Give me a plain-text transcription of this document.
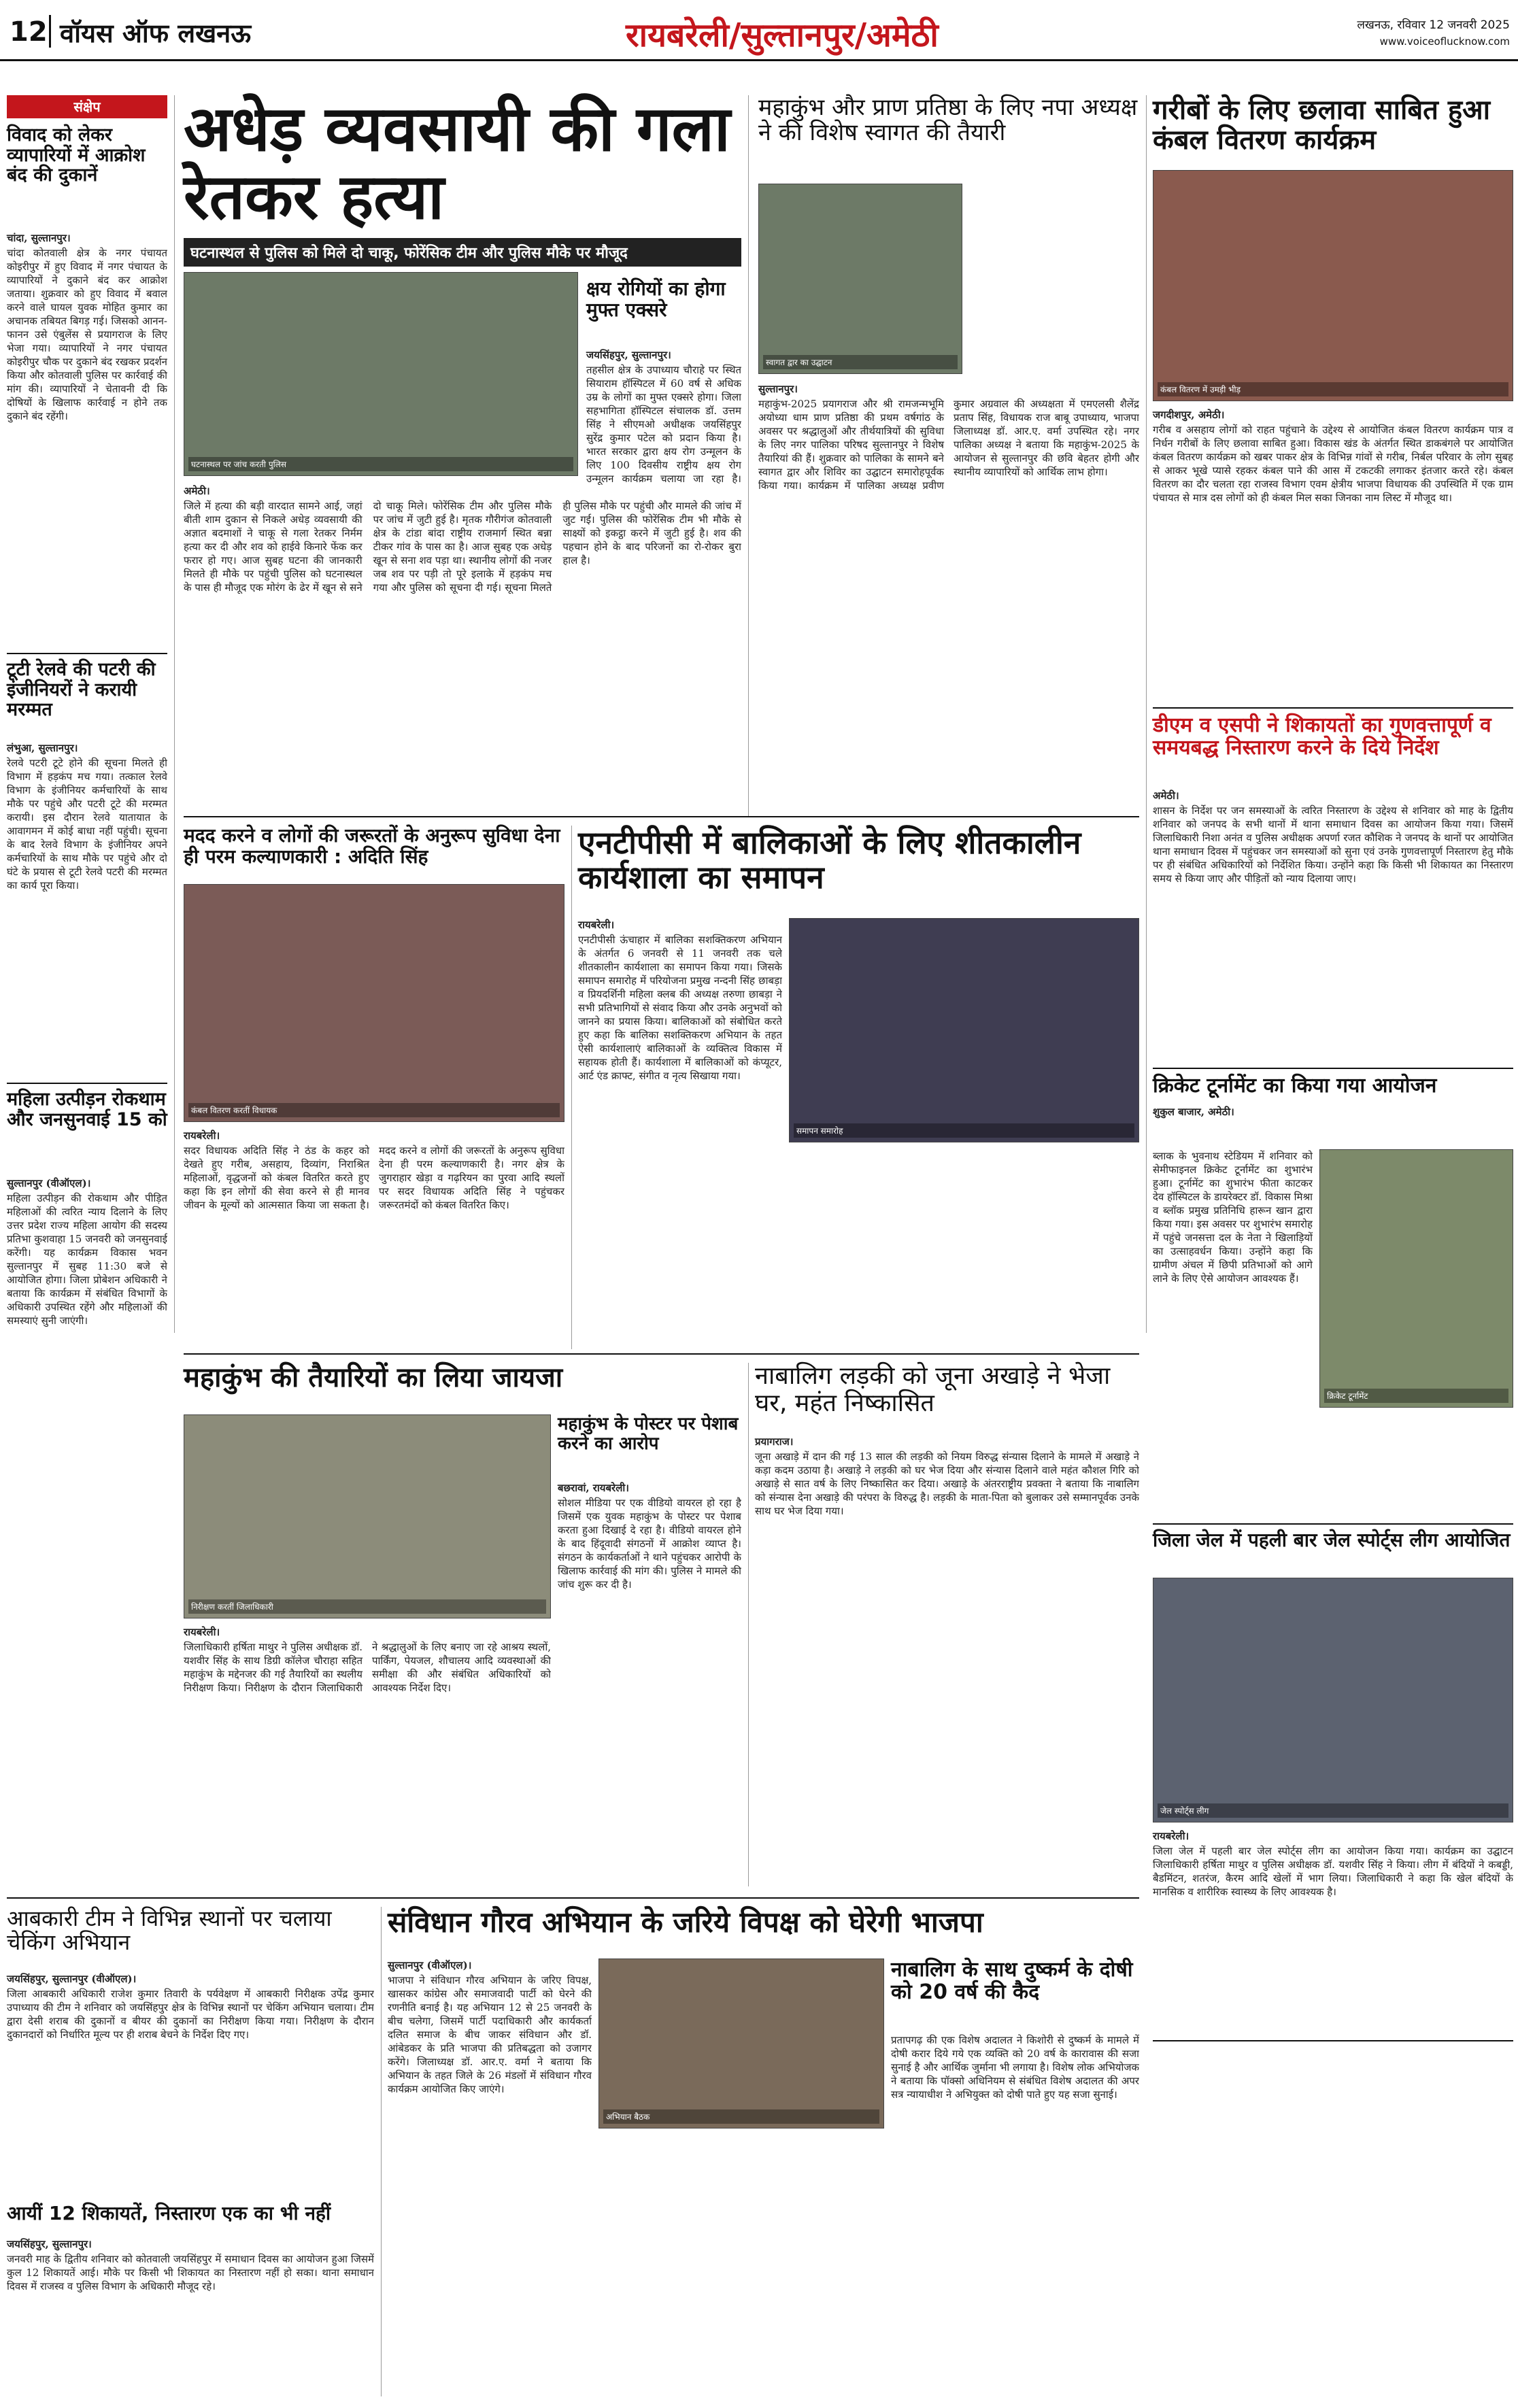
12 वॉयस ऑफ लखनऊ	रायबरेली/सुल्तानपुर/अमेठी	लखनऊ, रविवार 12 जनवरी 2025
www.voiceoflucknow.com
संक्षेप
विवाद को लेकर व्यापारियों में आक्रोश बंद की दुकानें
चांदा, सुल्तानपुर।
चांदा कोतवाली क्षेत्र के नगर पंचायत कोइरीपुर में हुए विवाद में नगर पंचायत के व्यापारियों ने दुकाने बंद कर आक्रोश जताया। शुक्रवार को हुए विवाद में बवाल करने वाले घायल युवक मोहित कुमार का अचानक तबियत बिगड़ गई। जिसको आनन-फानन उसे एंबुलेंस से प्रयागराज के लिए भेजा गया। व्यापारियों ने नगर पंचायत कोइरीपुर चौक पर दुकाने बंद रखकर प्रदर्शन किया और कोतवाली पुलिस पर कार्रवाई की मांग की। व्यापारियों ने चेतावनी दी कि दोषियों के खिलाफ कार्रवाई न होने तक दुकाने बंद रहेंगी।
टूटी रेलवे की पटरी की इंजीनियरों ने करायी मरम्मत
लंभुआ, सुल्तानपुर।
रेलवे पटरी टूटे होने की सूचना मिलते ही विभाग में हड़कंप मच गया। तत्काल रेलवे विभाग के इंजीनियर कर्मचारियों के साथ मौके पर पहुंचे और पटरी टूटे की मरम्मत करायी। इस दौरान रेलवे यातायात के आवागमन में कोई बाधा नहीं पहुंची। सूचना के बाद रेलवे विभाग के इंजीनियर अपने कर्मचारियों के साथ मौके पर पहुंचे और दो घंटे के प्रयास से टूटी रेलवे पटरी की मरम्मत का कार्य पूरा किया।
महिला उत्पीड़न रोकथाम और जनसुनवाई 15 को
सुल्तानपुर (वीऑएल)।
महिला उत्पीड़न की रोकथाम और पीड़ित महिलाओं की त्वरित न्याय दिलाने के लिए उत्तर प्रदेश राज्य महिला आयोग की सदस्य प्रतिभा कुशवाहा 15 जनवरी को जनसुनवाई करेंगी। यह कार्यक्रम विकास भवन सुल्तानपुर में सुबह 11:30 बजे से आयोजित होगा। जिला प्रोबेशन अधिकारी ने बताया कि कार्यक्रम में संबंधित विभागों के अधिकारी उपस्थित रहेंगे और महिलाओं की समस्याएं सुनी जाएंगी।
अधेड़ व्यवसायी की गला रेतकर हत्या
घटनास्थल से पुलिस को मिले दो चाकू, फोरेंसिक टीम और पुलिस मौके पर मौजूद
घटनास्थल पर जांच करती पुलिस
अमेठी।
जिले में हत्या की बड़ी वारदात सामने आई, जहां बीती शाम दुकान से निकले अधेड़ व्यवसायी की अज्ञात बदमाशों ने चाकू से गला रेतकर निर्मम हत्या कर दी और शव को हाईवे किनारे फेंक कर फरार हो गए। आज सुबह घटना की जानकारी मिलते ही मौके पर पहुंची पुलिस को घटनास्थल के पास ही मौजूद एक मोरंग के ढेर में खून से सने दो चाकू मिले। फोरेंसिक टीम और पुलिस मौके पर जांच में जुटी हुई है। मृतक गौरीगंज कोतवाली क्षेत्र के टांडा बांदा राष्ट्रीय राजमार्ग स्थित बन्ना टीकर गांव के पास का है। आज सुबह एक अधेड़ खून से सना शव पड़ा था। स्थानीय लोगों की नजर जब शव पर पड़ी तो पूरे इलाके में हड़कंप मच गया और पुलिस को सूचना दी गई। सूचना मिलते ही पुलिस मौके पर पहुंची और मामले की जांच में जुट गई। पुलिस की फोरेंसिक टीम भी मौके से साक्ष्यों को इकट्ठा करने में जुटी हुई है। शव की पहचान होने के बाद परिजनों का रो-रोकर बुरा हाल है।
क्षय रोगियों का होगा मुफ्त एक्सरे
जयसिंहपुर, सुल्तानपुर।
तहसील क्षेत्र के उपाध्याय चौराहे पर स्थित सियाराम हॉस्पिटल में 60 वर्ष से अधिक उम्र के लोगों का मुफ्त एक्सरे होगा। जिला सहभागिता हॉस्पिटल संचालक डॉ. उत्तम सिंह ने सीएमओ अधीक्षक जयसिंहपुर सुरेंद्र कुमार पटेल को प्रदान किया है। भारत सरकार द्वारा क्षय रोग उन्मूलन के लिए 100 दिवसीय राष्ट्रीय क्षय रोग उन्मूलन कार्यक्रम चलाया जा रहा है।
महाकुंभ और प्राण प्रतिष्ठा के लिए नपा अध्यक्ष ने की विशेष स्वागत की तैयारी
स्वागत द्वार का उद्घाटन
सुल्तानपुर।
महाकुंभ-2025 प्रयागराज और श्री रामजन्मभूमि अयोध्या धाम प्राण प्रतिष्ठा की प्रथम वर्षगांठ के अवसर पर श्रद्धालुओं और तीर्थयात्रियों की सुविधा के लिए नगर पालिका परिषद सुल्तानपुर ने विशेष तैयारियां की हैं। शुक्रवार को पालिका के सामने बने स्वागत द्वार और शिविर का उद्घाटन समारोहपूर्वक किया गया। कार्यक्रम में पालिका अध्यक्ष प्रवीण कुमार अग्रवाल की अध्यक्षता में एमएलसी शैलेंद्र प्रताप सिंह, विधायक राज बाबू उपाध्याय, भाजपा जिलाध्यक्ष डॉ. आर.ए. वर्मा उपस्थित रहे। नगर पालिका अध्यक्ष ने बताया कि महाकुंभ-2025 के आयोजन से सुल्तानपुर की छवि बेहतर होगी और स्थानीय व्यापारियों को आर्थिक लाभ होगा।
गरीबों के लिए छलावा साबित हुआ कंबल वितरण कार्यक्रम
कंबल वितरण में उमड़ी भीड़
जगदीशपुर, अमेठी।
गरीब व असहाय लोगों को राहत पहुंचाने के उद्देश्य से आयोजित कंबल वितरण कार्यक्रम पात्र व निर्धन गरीबों के लिए छलावा साबित हुआ। विकास खंड के अंतर्गत स्थित डाकबंगले पर आयोजित कंबल वितरण कार्यक्रम को खबर पाकर क्षेत्र के विभिन्न गांवों से गरीब, निर्बल परिवार के लोग सुबह से आकर भूखे प्यासे रहकर कंबल पाने की आस में टकटकी लगाकर इंतजार करते रहे। कंबल वितरण का दौर चलता रहा राजस्व विभाग एवम क्षेत्रीय भाजपा विधायक की उपस्थिति में एक ग्राम पंचायत से मात्र दस लोगों को ही कंबल मिल सका जिनका नाम लिस्ट में मौजूद था।
डीएम व एसपी ने शिकायतों का गुणवत्तापूर्ण व समयबद्ध निस्तारण करने के दिये निर्देश
अमेठी।
शासन के निर्देश पर जन समस्याओं के त्वरित निस्तारण के उद्देश्य से शनिवार को माह के द्वितीय शनिवार को जनपद के सभी थानों में थाना समाधान दिवस का आयोजन किया गया। जिसमें जिलाधिकारी निशा अनंत व पुलिस अधीक्षक अपर्णा रजत कौशिक ने जनपद के थानों पर आयोजित थाना समाधान दिवस में पहुंचकर जन समस्याओं को सुना एवं उनके गुणवत्तापूर्ण निस्तारण हेतु मौके पर ही संबंधित अधिकारियों को निर्देशित किया। उन्होंने कहा कि किसी भी शिकायत का निस्तारण समय से किया जाए और पीड़ितों को न्याय दिलाया जाए।
क्रिकेट टूर्नामेंट का किया गया आयोजन
क्रिकेट टूर्नामेंट
शुकुल बाजार, अमेठी।
ब्लाक के भुवनाथ स्टेडियम में शनिवार को सेमीफाइनल क्रिकेट टूर्नामेंट का शुभारंभ हुआ। टूर्नामेंट का शुभारंभ फीता काटकर देव हॉस्पिटल के डायरेक्टर डॉ. विकास मिश्रा व ब्लॉक प्रमुख प्रतिनिधि हारून खान द्वारा किया गया। इस अवसर पर शुभारंभ समारोह में पहुंचे जनसत्ता दल के नेता ने खिलाड़ियों का उत्साहवर्धन किया। उन्होंने कहा कि ग्रामीण अंचल में छिपी प्रतिभाओं को आगे लाने के लिए ऐसे आयोजन आवश्यक हैं।
मदद करने व लोगों की जरूरतों के अनुरूप सुविधा देना ही परम कल्याणकारी : अदिति सिंह
कंबल वितरण करतीं विधायक
रायबरेली।
सदर विधायक अदिति सिंह ने ठंड के कहर को देखते हुए गरीब, असहाय, दिव्यांग, निराश्रित महिलाओं, वृद्धजनों को कंबल वितरित करते हुए कहा कि इन लोगों की सेवा करने से ही मानव जीवन के मूल्यों को आत्मसात किया जा सकता है। मदद करने व लोगों की जरूरतों के अनुरूप सुविधा देना ही परम कल्याणकारी है। नगर क्षेत्र के जुगराहार खेड़ा व गढ़रियन का पुरवा आदि स्थलों पर सदर विधायक अदिति सिंह ने पहुंचकर जरूरतमंदों को कंबल वितरित किए।
एनटीपीसी में बालिकाओं के लिए शीतकालीन कार्यशाला का समापन
रायबरेली।
एनटीपीसी ऊंचाहार में बालिका सशक्तिकरण अभियान के अंतर्गत 6 जनवरी से 11 जनवरी तक चले शीतकालीन कार्यशाला का समापन किया गया। जिसके समापन समारोह में परियोजना प्रमुख नन्दनी सिंह छाबड़ा व प्रियदर्शिनी महिला क्लब की अध्यक्ष तरुणा छाबड़ा ने सभी प्रतिभागियों से संवाद किया और उनके अनुभवों को जानने का प्रयास किया। बालिकाओं को संबोधित करते हुए कहा कि बालिका सशक्तिकरण अभियान के तहत ऐसी कार्यशालाएं बालिकाओं के व्यक्तित्व विकास में सहायक होती हैं। कार्यशाला में बालिकाओं को कंप्यूटर, आर्ट एंड क्राफ्ट, संगीत व नृत्य सिखाया गया।
समापन समारोह
महाकुंभ की तैयारियों का लिया जायजा
निरीक्षण करतीं जिलाधिकारी
रायबरेली।
जिलाधिकारी हर्षिता माथुर ने पुलिस अधीक्षक डॉ. यशवीर सिंह के साथ डिग्री कॉलेज चौराहा सहित महाकुंभ के मद्देनजर की गई तैयारियों का स्थलीय निरीक्षण किया। निरीक्षण के दौरान जिलाधिकारी ने श्रद्धालुओं के लिए बनाए जा रहे आश्रय स्थलों, पार्किंग, पेयजल, शौचालय आदि व्यवस्थाओं की समीक्षा की और संबंधित अधिकारियों को आवश्यक निर्देश दिए।
महाकुंभ के पोस्टर पर पेशाब करने का आरोप
बछरावां, रायबरेली।
सोशल मीडिया पर एक वीडियो वायरल हो रहा है जिसमें एक युवक महाकुंभ के पोस्टर पर पेशाब करता हुआ दिखाई दे रहा है। वीडियो वायरल होने के बाद हिंदूवादी संगठनों में आक्रोश व्याप्त है। संगठन के कार्यकर्ताओं ने थाने पहुंचकर आरोपी के खिलाफ कार्रवाई की मांग की। पुलिस ने मामले की जांच शुरू कर दी है।
नाबालिग लड़की को जूना अखाड़े ने भेजा घर, महंत निष्कासित
प्रयागराज।
जूना अखाड़े में दान की गई 13 साल की लड़की को नियम विरुद्ध संन्यास दिलाने के मामले में अखाड़े ने कड़ा कदम उठाया है। अखाड़े ने लड़की को घर भेज दिया और संन्यास दिलाने वाले महंत कौशल गिरि को अखाड़े से सात वर्ष के लिए निष्कासित कर दिया। अखाड़े के अंतरराष्ट्रीय प्रवक्ता ने बताया कि नाबालिग को संन्यास देना अखाड़े की परंपरा के विरुद्ध है। लड़की के माता-पिता को बुलाकर उसे सम्मानपूर्वक उनके साथ घर भेज दिया गया।
जिला जेल में पहली बार जेल स्पोर्ट्स लीग आयोजित
जेल स्पोर्ट्स लीग
रायबरेली।
जिला जेल में पहली बार जेल स्पोर्ट्स लीग का आयोजन किया गया। कार्यक्रम का उद्घाटन जिलाधिकारी हर्षिता माथुर व पुलिस अधीक्षक डॉ. यशवीर सिंह ने किया। लीग में बंदियों ने कबड्डी, बैडमिंटन, शतरंज, कैरम आदि खेलों में भाग लिया। जिलाधिकारी ने कहा कि खेल बंदियों के मानसिक व शारीरिक स्वास्थ्य के लिए आवश्यक है।
आबकारी टीम ने विभिन्न स्थानों पर चलाया चेकिंग अभियान
जयसिंहपुर, सुल्तानपुर (वीऑएल)।
जिला आबकारी अधिकारी राजेश कुमार तिवारी के पर्यवेक्षण में आबकारी निरीक्षक उपेंद्र कुमार उपाध्याय की टीम ने शनिवार को जयसिंहपुर क्षेत्र के विभिन्न स्थानों पर चेकिंग अभियान चलाया। टीम द्वारा देसी शराब की दुकानों व बीयर की दुकानों का निरीक्षण किया गया। निरीक्षण के दौरान दुकानदारों को निर्धारित मूल्य पर ही शराब बेचने के निर्देश दिए गए।
आयीं 12 शिकायतें, निस्तारण एक का भी नहीं
जयसिंहपुर, सुल्तानपुर।
जनवरी माह के द्वितीय शनिवार को कोतवाली जयसिंहपुर में समाधान दिवस का आयोजन हुआ जिसमें कुल 12 शिकायतें आई। मौके पर किसी भी शिकायत का निस्तारण नहीं हो सका। थाना समाधान दिवस में राजस्व व पुलिस विभाग के अधिकारी मौजूद रहे।
संविधान गौरव अभियान के जरिये विपक्ष को घेरेगी भाजपा
सुल्तानपुर (वीऑएल)।
भाजपा ने संविधान गौरव अभियान के जरिए विपक्ष, खासकर कांग्रेस और समाजवादी पार्टी को घेरने की रणनीति बनाई है। यह अभियान 12 से 25 जनवरी के बीच चलेगा, जिसमें पार्टी पदाधिकारी और कार्यकर्ता दलित समाज के बीच जाकर संविधान और डॉ. आंबेडकर के प्रति भाजपा की प्रतिबद्धता को उजागर करेंगे। जिलाध्यक्ष डॉ. आर.ए. वर्मा ने बताया कि अभियान के तहत जिले के 26 मंडलों में संविधान गौरव कार्यक्रम आयोजित किए जाएंगे।
अभियान बैठक
नाबालिग के साथ दुष्कर्म के दोषी को 20 वर्ष की कैद
प्रतापगढ़ की एक विशेष अदालत ने किशोरी से दुष्कर्म के मामले में दोषी करार दिये गये एक व्यक्ति को 20 वर्ष के कारावास की सजा सुनाई है और आर्थिक जुर्माना भी लगाया है। विशेष लोक अभियोजक ने बताया कि पॉक्सो अधिनियम से संबंधित विशेष अदालत की अपर सत्र न्यायाधीश ने अभियुक्त को दोषी पाते हुए यह सजा सुनाई।
